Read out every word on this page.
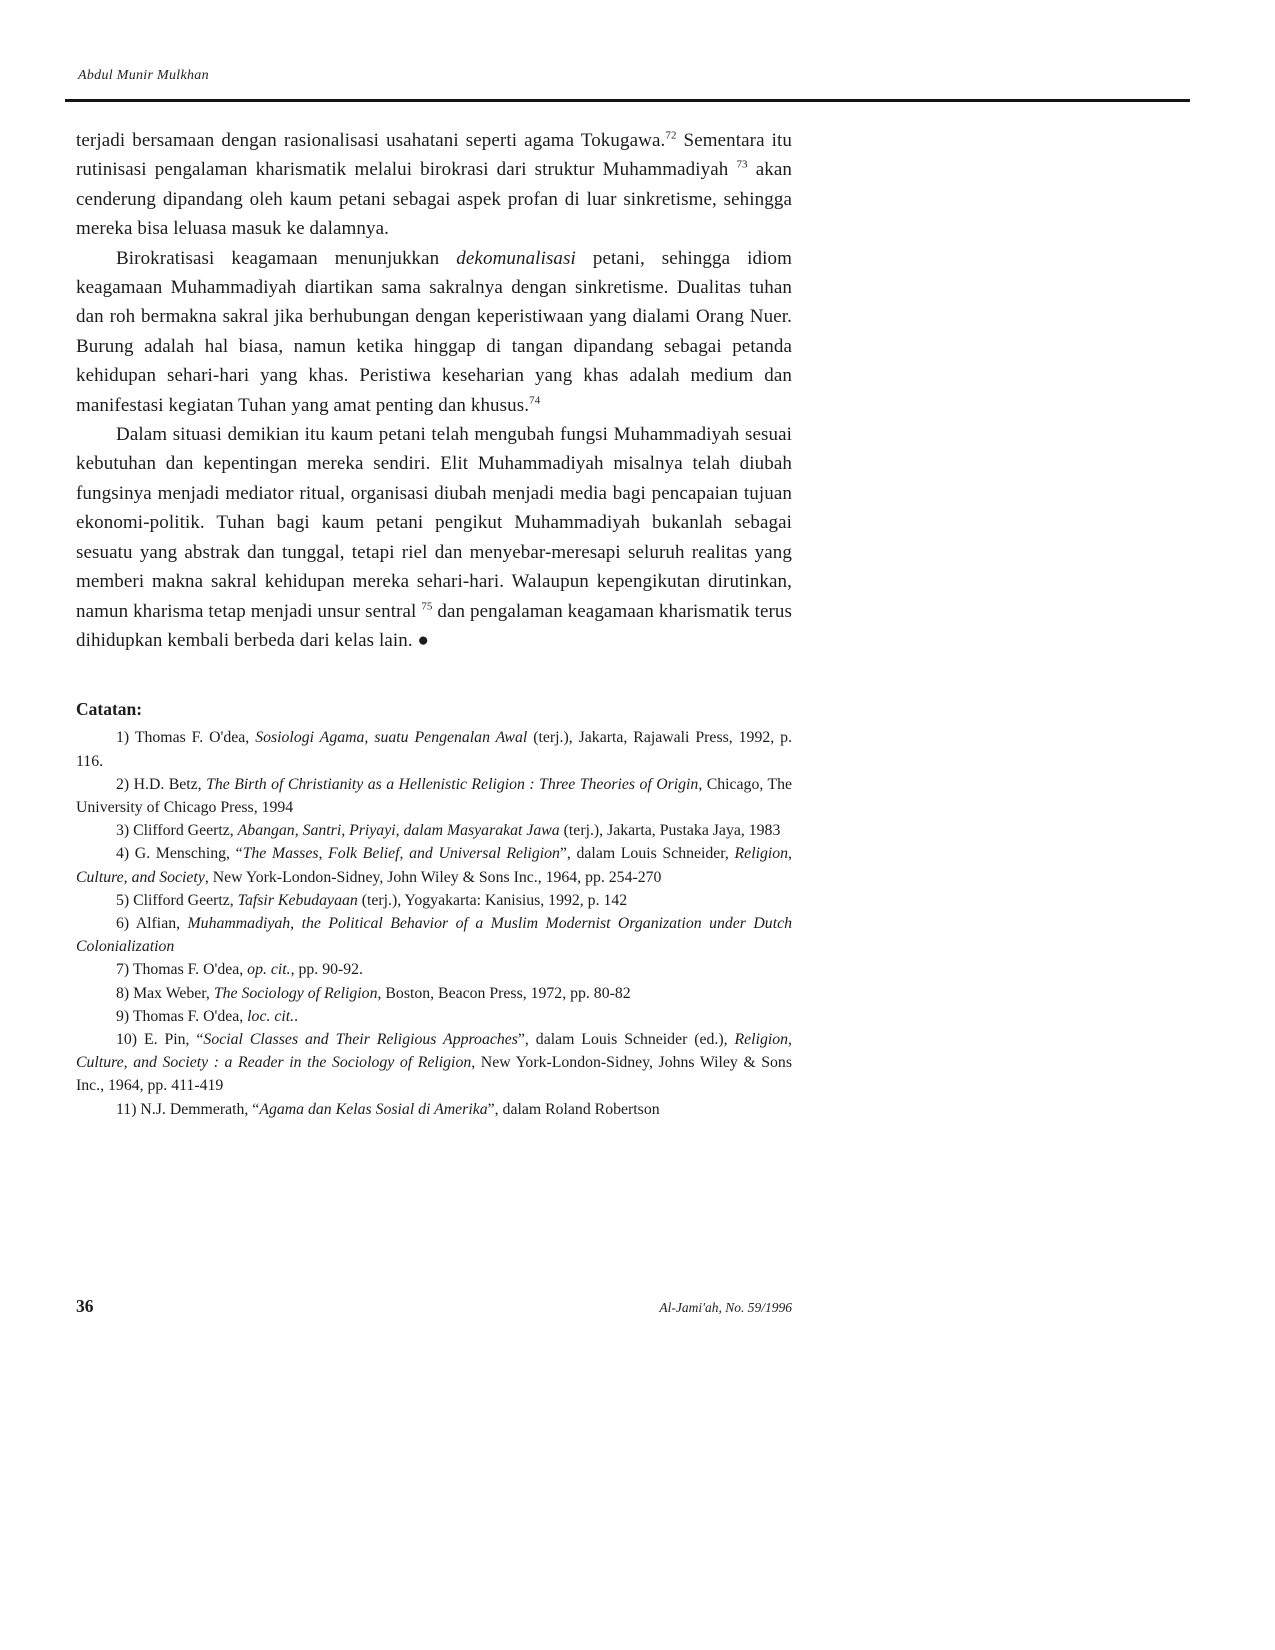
Abdul Munir Mulkhan

terjadi bersamaan dengan rasionalisasi usahatani seperti agama Tokugawa.$^{72}$ Sementara itu rutinisasi pengalaman kharismatik melalui birokrasi dari struktur Muhammadiyah $^{73}$ akan cenderung dipandang oleh kaum petani sebagai aspek profan di luar sinkretisme, sehingga mereka bisa leluasa masuk ke dalamnya.

Birokratisasi keagamaan menunjukkan dekomunalisasi petani, sehingga idiom keagamaan Muhammadiyah diartikan sama sakralnya dengan sinkretisme. Dualitas tuhan dan roh bermakna sakral jika berhubungan dengan keperistiwaan yang dialami Orang Nuer. Burung adalah hal biasa, namun ketika hinggap di tangan dipandang sebagai petanda kehidupan sehari-hari yang khas. Peristiwa keseharian yang khas adalah medium dan manifestasi kegiatan Tuhan yang amat penting dan khusus.$^{74}$

Dalam situasi demikian itu kaum petani telah mengubah fungsi Muhammadiyah sesuai kebutuhan dan kepentingan mereka sendiri. Elit Muhammadiyah misalnya telah diubah fungsinya menjadi mediator ritual, organisasi diubah menjadi media bagi pencapaian tujuan ekonomi-politik. Tuhan bagi kaum petani pengikut Muhammadiyah bukanlah sebagai sesuatu yang abstrak dan tunggal, tetapi riel dan menyebar-meresapi seluruh realitas yang memberi makna sakral kehidupan mereka sehari-hari. Walaupun kepengikutan dirutinkan, namun kharisma tetap menjadi unsur sentral $^{75}$ dan pengalaman keagamaan kharismatik terus dihidupkan kembali berbeda dari kelas lain. ●

Catatan:

1) Thomas F. O'dea, Sosiologi Agama, suatu Pengenalan Awal (terj.), Jakarta, Rajawali Press, 1992, p. 116.

2) H.D. Betz, The Birth of Christianity as a Hellenistic Religion : Three Theories of Origin, Chicago, The University of Chicago Press, 1994

3) Clifford Geertz, Abangan, Santri, Priyayi, dalam Masyarakat Jawa (terj.), Jakarta, Pustaka Jaya, 1983

4) G. Mensching, “The Masses, Folk Belief, and Universal Religion”, dalam Louis Schneider, Religion, Culture, and Society, New York-London-Sidney, John Wiley & Sons Inc., 1964, pp. 254-270

5) Clifford Geertz, Tafsir Kebudayaan (terj.), Yogyakarta: Kanisius, 1992, p. 142

6) Alfian, Muhammadiyah, the Political Behavior of a Muslim Modernist Organization under Dutch Colonialization

7) Thomas F. O'dea, op. cit., pp. 90-92.

8) Max Weber, The Sociology of Religion, Boston, Beacon Press, 1972, pp. 80-82

9) Thomas F. O'dea, loc. cit..

10) E. Pin, “Social Classes and Their Religious Approaches”, dalam Louis Schneider (ed.), Religion, Culture, and Society : a Reader in the Sociology of Religion, New York-London-Sidney, Johns Wiley & Sons Inc., 1964, pp. 411-419

11) N.J. Demmerath, “Agama dan Kelas Sosial di Amerika”, dalam Roland Robertson

36	Al-Jami'ah, No. 59/1996
